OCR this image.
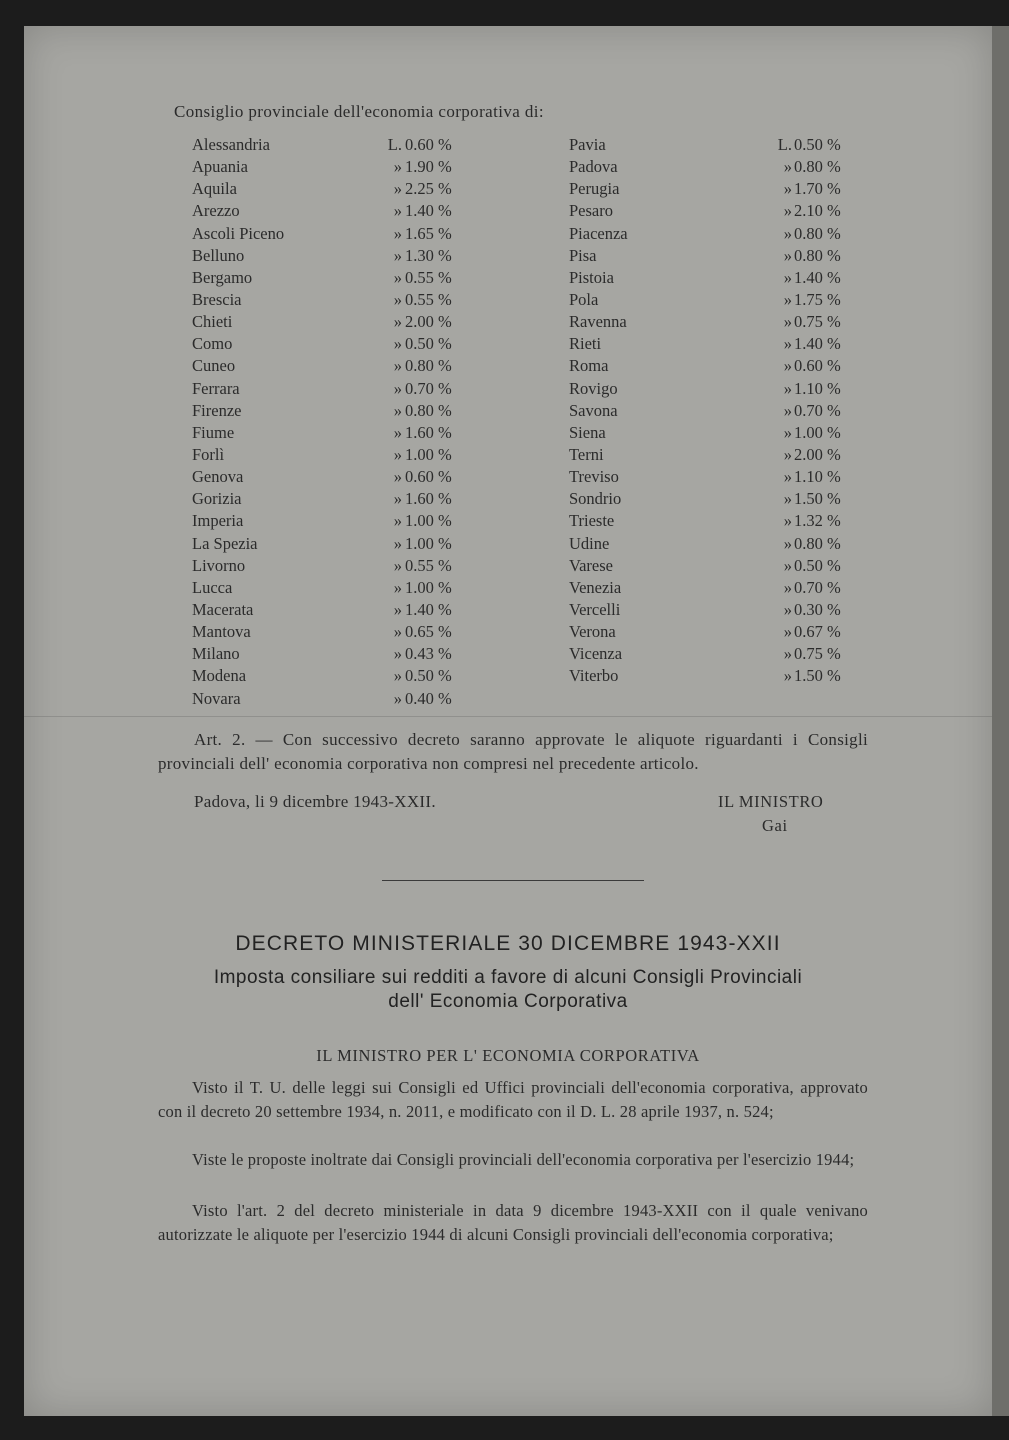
Consiglio provinciale dell'economia corporativa di:
Alessandria	L. 0.60 %
Apuania	» 1.90 %
Aquila	» 2.25 %
Arezzo	» 1.40 %
Ascoli Piceno	» 1.65 %
Belluno	» 1.30 %
Bergamo	» 0.55 %
Brescia	» 0.55 %
Chieti	» 2.00 %
Como	» 0.50 %
Cuneo	» 0.80 %
Ferrara	» 0.70 %
Firenze	» 0.80 %
Fiume	» 1.60 %
Forlì	» 1.00 %
Genova	» 0.60 %
Gorizia	» 1.60 %
Imperia	» 1.00 %
La Spezia	» 1.00 %
Livorno	» 0.55 %
Lucca	» 1.00 %
Macerata	» 1.40 %
Mantova	» 0.65 %
Milano	» 0.43 %
Modena	» 0.50 %
Novara	» 0.40 %
Pavia	L. 0.50 %
Padova	» 0.80 %
Perugia	» 1.70 %
Pesaro	» 2.10 %
Piacenza	» 0.80 %
Pisa	» 0.80 %
Pistoia	» 1.40 %
Pola	» 1.75 %
Ravenna	» 0.75 %
Rieti	» 1.40 %
Roma	» 0.60 %
Rovigo	» 1.10 %
Savona	» 0.70 %
Siena	» 1.00 %
Terni	» 2.00 %
Treviso	» 1.10 %
Sondrio	» 1.50 %
Trieste	» 1.32 %
Udine	» 0.80 %
Varese	» 0.50 %
Venezia	» 0.70 %
Vercelli	» 0.30 %
Verona	» 0.67 %
Vicenza	» 0.75 %
Viterbo	» 1.50 %
Art. 2. — Con successivo decreto saranno approvate le aliquote riguardanti i Consigli provinciali dell' economia corporativa non compresi nel precedente articolo.
Padova, li 9 dicembre 1943-XXII.	IL MINISTRO
Gai
DECRETO MINISTERIALE 30 DICEMBRE 1943-XXII
Imposta consiliare sui redditi a favore di alcuni Consigli Provinciali
dell' Economia Corporativa
IL MINISTRO PER L' ECONOMIA CORPORATIVA
Visto il T. U. delle leggi sui Consigli ed Uffici provinciali dell'economia corporativa, approvato con il decreto 20 settembre 1934, n. 2011, e modificato con il D. L. 28 aprile 1937, n. 524;
Viste le proposte inoltrate dai Consigli provinciali dell'economia corporativa per l'esercizio 1944;
Visto l'art. 2 del decreto ministeriale in data 9 dicembre 1943-XXII con il quale venivano autorizzate le aliquote per l'esercizio 1944 di alcuni Consigli provinciali dell'economia corporativa;
